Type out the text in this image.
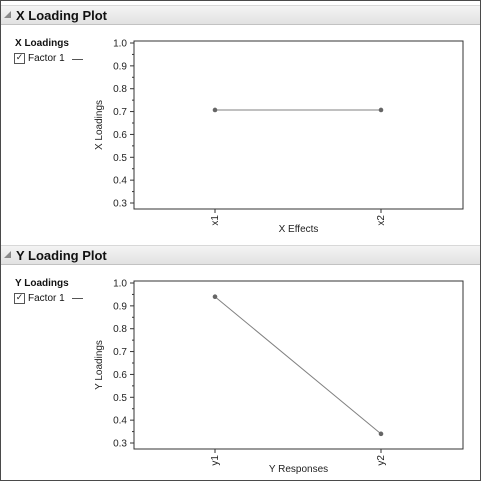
X Loading Plot
X Loadings
✓ Factor 1
1.0
0.9
0.8
0.7
0.6
0.5
0.4
0.3
X Loadings
x1	x2
X Effects
Y Loading Plot
Y Loadings
✓ Factor 1
1.0
0.9
0.8
0.7
0.6
0.5
0.4
0.3
Y Loadings
y1	y2
Y Responses
